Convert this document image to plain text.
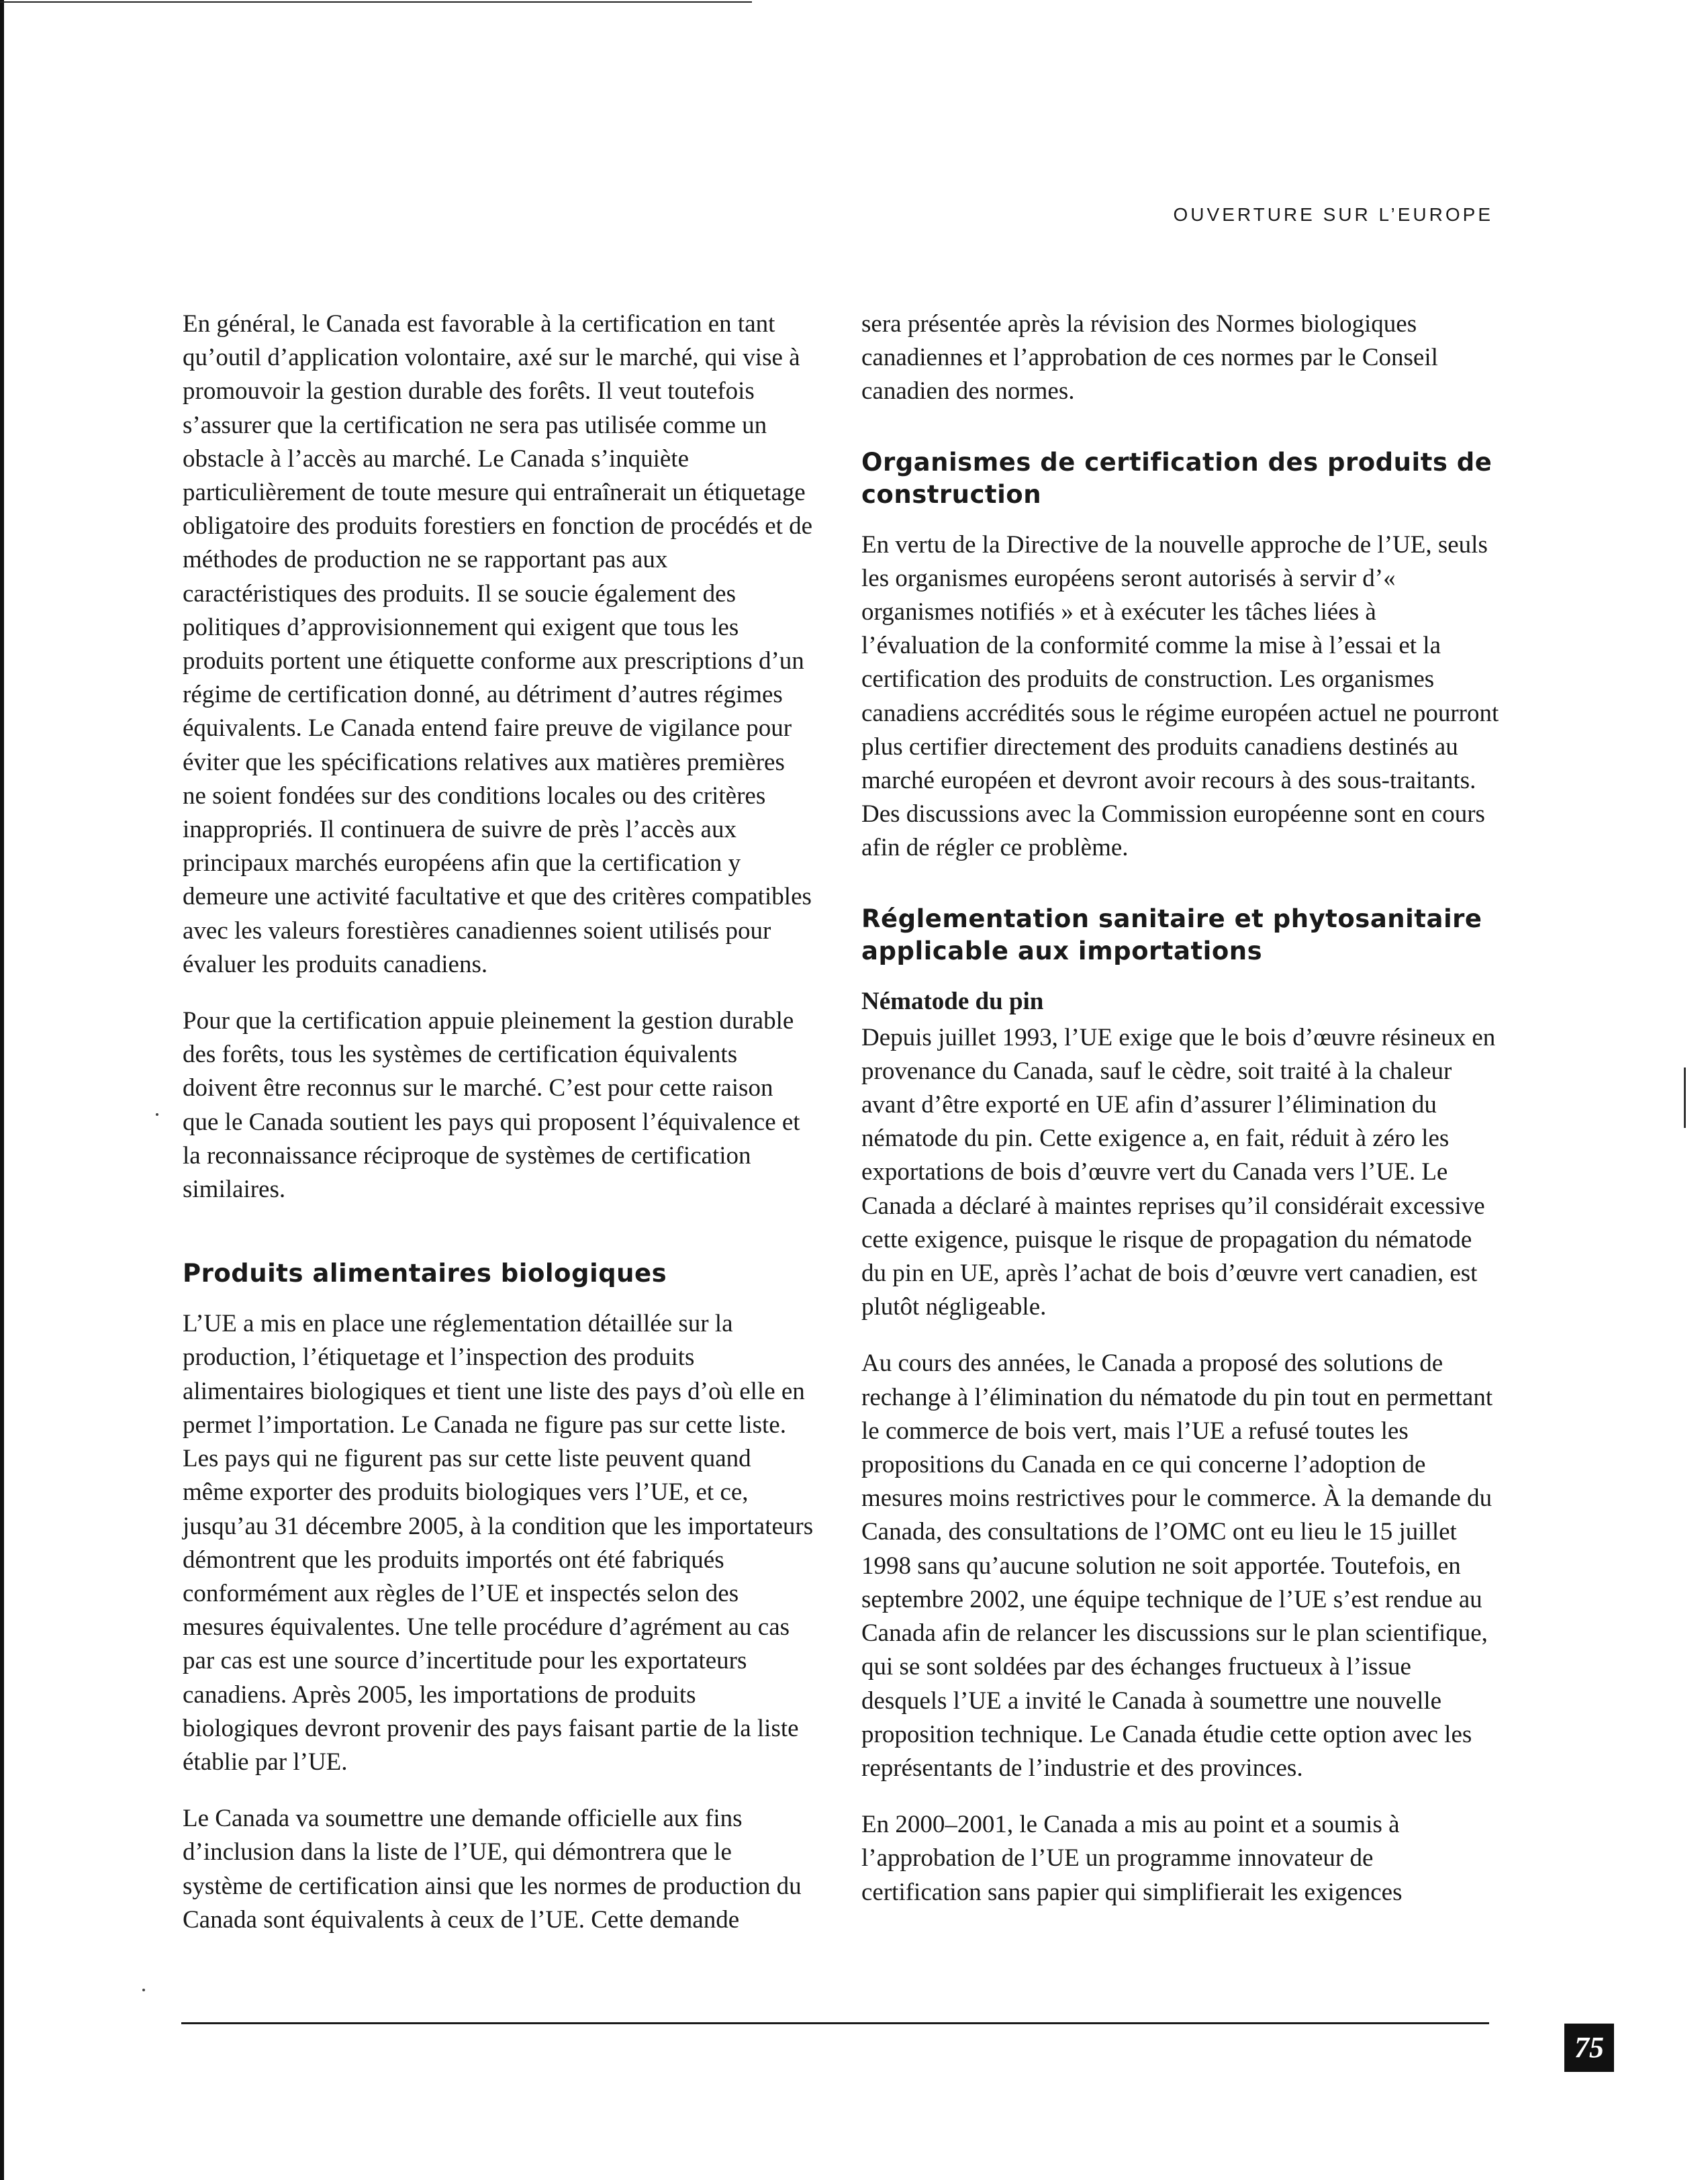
OUVERTURE SUR L’EUROPE

En général, le Canada est favorable à la certification en tant qu’outil d’application volontaire, axé sur le marché, qui vise à promouvoir la gestion durable des forêts. Il veut toutefois s’assurer que la certification ne sera pas utilisée comme un obstacle à l’accès au marché. Le Canada s’inquiète particulièrement de toute mesure qui entraînerait un étiquetage obligatoire des produits forestiers en fonction de procédés et de méthodes de production ne se rapportant pas aux caractéristiques des produits. Il se soucie également des politiques d’approvisionnement qui exigent que tous les produits portent une étiquette conforme aux prescriptions d’un régime de certification donné, au détriment d’autres régimes équivalents. Le Canada entend faire preuve de vigilance pour éviter que les spécifications relatives aux matières premières ne soient fondées sur des conditions locales ou des critères inappropriés. Il continuera de suivre de près l’accès aux principaux marchés européens afin que la certification y demeure une activité facultative et que des critères compatibles avec les valeurs forestières canadiennes soient utilisés pour évaluer les produits canadiens.

Pour que la certification appuie pleinement la gestion durable des forêts, tous les systèmes de certification équivalents doivent être reconnus sur le marché. C’est pour cette raison que le Canada soutient les pays qui proposent l’équivalence et la reconnaissance réciproque de systèmes de certification similaires.

Produits alimentaires biologiques

L’UE a mis en place une réglementation détaillée sur la production, l’étiquetage et l’inspection des produits alimentaires biologiques et tient une liste des pays d’où elle en permet l’importation. Le Canada ne figure pas sur cette liste. Les pays qui ne figurent pas sur cette liste peuvent quand même exporter des produits biologiques vers l’UE, et ce, jusqu’au 31 décembre 2005, à la condition que les importateurs démontrent que les produits importés ont été fabriqués conformément aux règles de l’UE et inspectés selon des mesures équivalentes. Une telle procédure d’agrément au cas par cas est une source d’incertitude pour les exportateurs canadiens. Après 2005, les importations de produits biologiques devront provenir des pays faisant partie de la liste établie par l’UE.

Le Canada va soumettre une demande officielle aux fins d’inclusion dans la liste de l’UE, qui démontrera que le système de certification ainsi que les normes de production du Canada sont équivalents à ceux de l’UE. Cette demande

sera présentée après la révision des Normes biologiques canadiennes et l’approbation de ces normes par le Conseil canadien des normes.

Organismes de certification des produits de construction

En vertu de la Directive de la nouvelle approche de l’UE, seuls les organismes européens seront autorisés à servir d’« organismes notifiés » et à exécuter les tâches liées à l’évaluation de la conformité comme la mise à l’essai et la certification des produits de construction. Les organismes canadiens accrédités sous le régime européen actuel ne pourront plus certifier directement des produits canadiens destinés au marché européen et devront avoir recours à des sous-traitants. Des discussions avec la Commission européenne sont en cours afin de régler ce problème.

Réglementation sanitaire et phytosanitaire applicable aux importations
Nématode du pin

Depuis juillet 1993, l’UE exige que le bois d’œuvre résineux en provenance du Canada, sauf le cèdre, soit traité à la chaleur avant d’être exporté en UE afin d’assurer l’élimination du nématode du pin. Cette exigence a, en fait, réduit à zéro les exportations de bois d’œuvre vert du Canada vers l’UE. Le Canada a déclaré à maintes reprises qu’il considérait excessive cette exigence, puisque le risque de propagation du nématode du pin en UE, après l’achat de bois d’œuvre vert canadien, est plutôt négligeable.

Au cours des années, le Canada a proposé des solutions de rechange à l’élimination du nématode du pin tout en permettant le commerce de bois vert, mais l’UE a refusé toutes les propositions du Canada en ce qui concerne l’adoption de mesures moins restrictives pour le commerce. À la demande du Canada, des consultations de l’OMC ont eu lieu le 15 juillet 1998 sans qu’aucune solution ne soit apportée. Toutefois, en septembre 2002, une équipe technique de l’UE s’est rendue au Canada afin de relancer les discussions sur le plan scientifique, qui se sont soldées par des échanges fructueux à l’issue desquels l’UE a invité le Canada à soumettre une nouvelle proposition technique. Le Canada étudie cette option avec les représentants de l’industrie et des provinces.

En 2000–2001, le Canada a mis au point et a soumis à l’approbation de l’UE un programme innovateur de certification sans papier qui simplifierait les exigences

75
